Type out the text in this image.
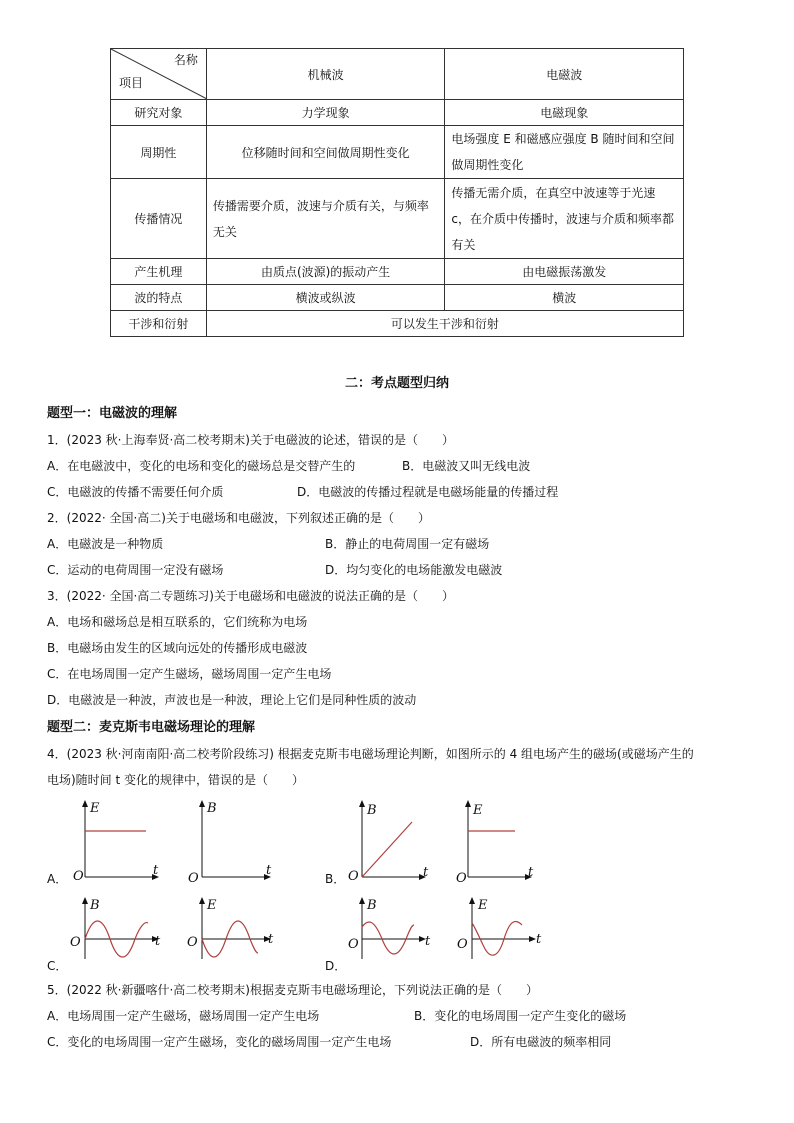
名称
项目	机械波	电磁波
研究对象	力学现象	电磁现象
周期性	位移随时间和空间做周期性变化	电场强度 E 和磁感应强度 B 随时间和空间做周期性变化
传播情况	传播需要介质，波速与介质有关，与频率无关	传播无需介质，在真空中波速等于光速 c，在介质中传播时，波速与介质和频率都有关
产生机理	由质点(波源)的振动产生	由电磁振荡激发
波的特点	横波或纵波	横波
干涉和衍射	可以发生干涉和衍射	
二：考点题型归纳
题型一：电磁波的理解
1．(2023 秋·上海奉贤·高二校考期末)关于电磁波的论述，错误的是（　　）
A．在电磁波中，变化的电场和变化的磁场总是交替产生的	B．电磁波又叫无线电波
C．电磁波的传播不需要任何介质	D．电磁波的传播过程就是电磁场能量的传播过程
2．(2022· 全国·高二)关于电磁场和电磁波，下列叙述正确的是（　　）
A．电磁波是一种物质	B．静止的电荷周围一定有磁场
C．运动的电荷周围一定没有磁场	D．均匀变化的电场能激发电磁波
3．(2022· 全国·高二专题练习)关于电磁场和电磁波的说法正确的是（　　）
A．电场和磁场总是相互联系的，它们统称为电场
B．电磁场由发生的区域向远处的传播形成电磁波
C．在电场周围一定产生磁场，磁场周围一定产生电场
D．电磁波是一种波，声波也是一种波，理论上它们是同种性质的波动
题型二：麦克斯韦电磁场理论的理解
4．(2023 秋·河南南阳·高二校考阶段练习) 根据麦克斯韦电磁场理论判断，如图所示的 4 组电场产生的磁场(或磁场产生的
电场)随时间 t 变化的规律中，错误的是（　　）
E
O	t
B
O
t
A．
B
O	t
E
O	t
B．
B
O	t
E
O	t
C．
B
O	t
E
O	t
D．
5．(2022 秋·新疆喀什·高二校考期末)根据麦克斯韦电磁场理论，下列说法正确的是（　　）
A．电场周围一定产生磁场，磁场周围一定产生电场	B．变化的电场周围一定产生变化的磁场
C．变化的电场周围一定产生磁场，变化的磁场周围一定产生电场	D．所有电磁波的频率相同
